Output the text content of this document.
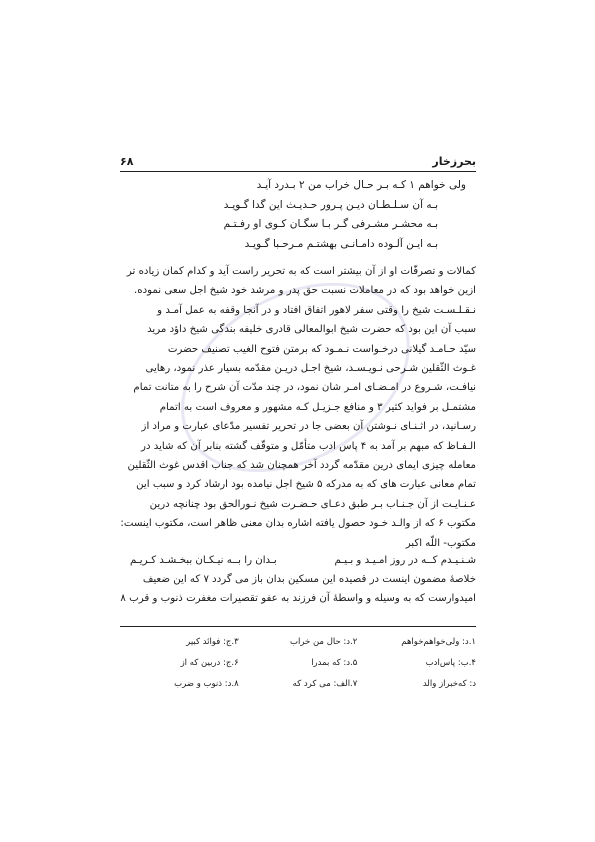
۶۸	بحرزخار
ولی خواهم ۱ کـه بـر حـال خراب من ۲ بـدرد آیـد
بـه آن سـلـطـان دیـن پـرور حـدیـث این گدا گـویـد
بـه محشـر مشـرفی گـر بـا سگـان کـوی او رفـتـم
بـه ایـن آلـوده دامـانـی بهشتـم مـرحـبا گـویـد

کمالات و تصرفّات او از آن بیشتر است که به تحریر راست آید و کدام کمان زیاده تر

ازین خواهد بود که در معاملات نسبت حق پدر و مرشد خود شیخ اجل سعی نموده.

نـقـلـسـت شیخ را وقتی سفر لاهور اتفاق افتاد و در آنجا وقفه به عمل آمـد و

سبب آن این بود که حضرت شیخ ابوالمعالی قادری خلیفه بندگی شیخ داؤد مرید

سیّد حـامـد گیلانی درخـواست نـمـود که برمتن فتوح الغیب تصنیف حضرت

غـوث الثّقلین شـرحی نـویـسـد، شیخ اجـل دریـن مقدّمه بسیار عذر نمود، رهایی

نیافـت، شـروع در امـضـای امـر شان نمود، در چند مدّت آن شرح را به متانت تمام

مشتمـل بر فواید کثیر ۳ و منافع جـزیـل کـه مشهور و معروف است به اتمام

رسـانید، در اثـنـای نـوشتن آن بعضی جا در تحریر تفسیر مدّعای عبارت و مراد از

الـفـاظ که مبهم بر آمد به ۴ پاس ادب متأمّل و متوقّف گشته بنابر آن که شاید در

معامله چیزی ایمای درین مقدّمه گردد آخر همچنان شد که جناب اقدس غوث الثّقلین

تمام معانی عبارت های که به مدرکه ۵ شیخ اجل نیامده بود ارشاد کرد و سبب این

عـنـایـت از آن جـنـاب بـر طبق دعـای حـضـرت شیخ نـورالحق بود چنانچه درین

مکتوب ۶ که از والـد خـود حصول یافته اشاره بدان معنی ظاهر است، مکتوب اینست:

مکتوب- اللّه اکبر

شـنـیـدم کــه در روز امـیـد و بـیـم
بـدان را بــه نیـکـان ببخـشـد کـریـم

خلاصهٔ مضمون اینست در قصیده این مسکین بدان باز می گردد ۷ که این ضعیف

امیدوارست که به وسیله و واسطهٔ آن فرزند به عفو تقصیرات مغفرت ذنوب و قرب ۸

۱.د: ولی‌خواهم‌خواهم
۲.د: حال من خراب
۳.ج: فوائد کبیر
۴.ب: پاس‌ادب
۵.د: که بمدرا
۶.ج: دربین که از
د: که‌خبر‌از والد
۷.الف: می کرد که
۸.د: ذنوب و ضرب
